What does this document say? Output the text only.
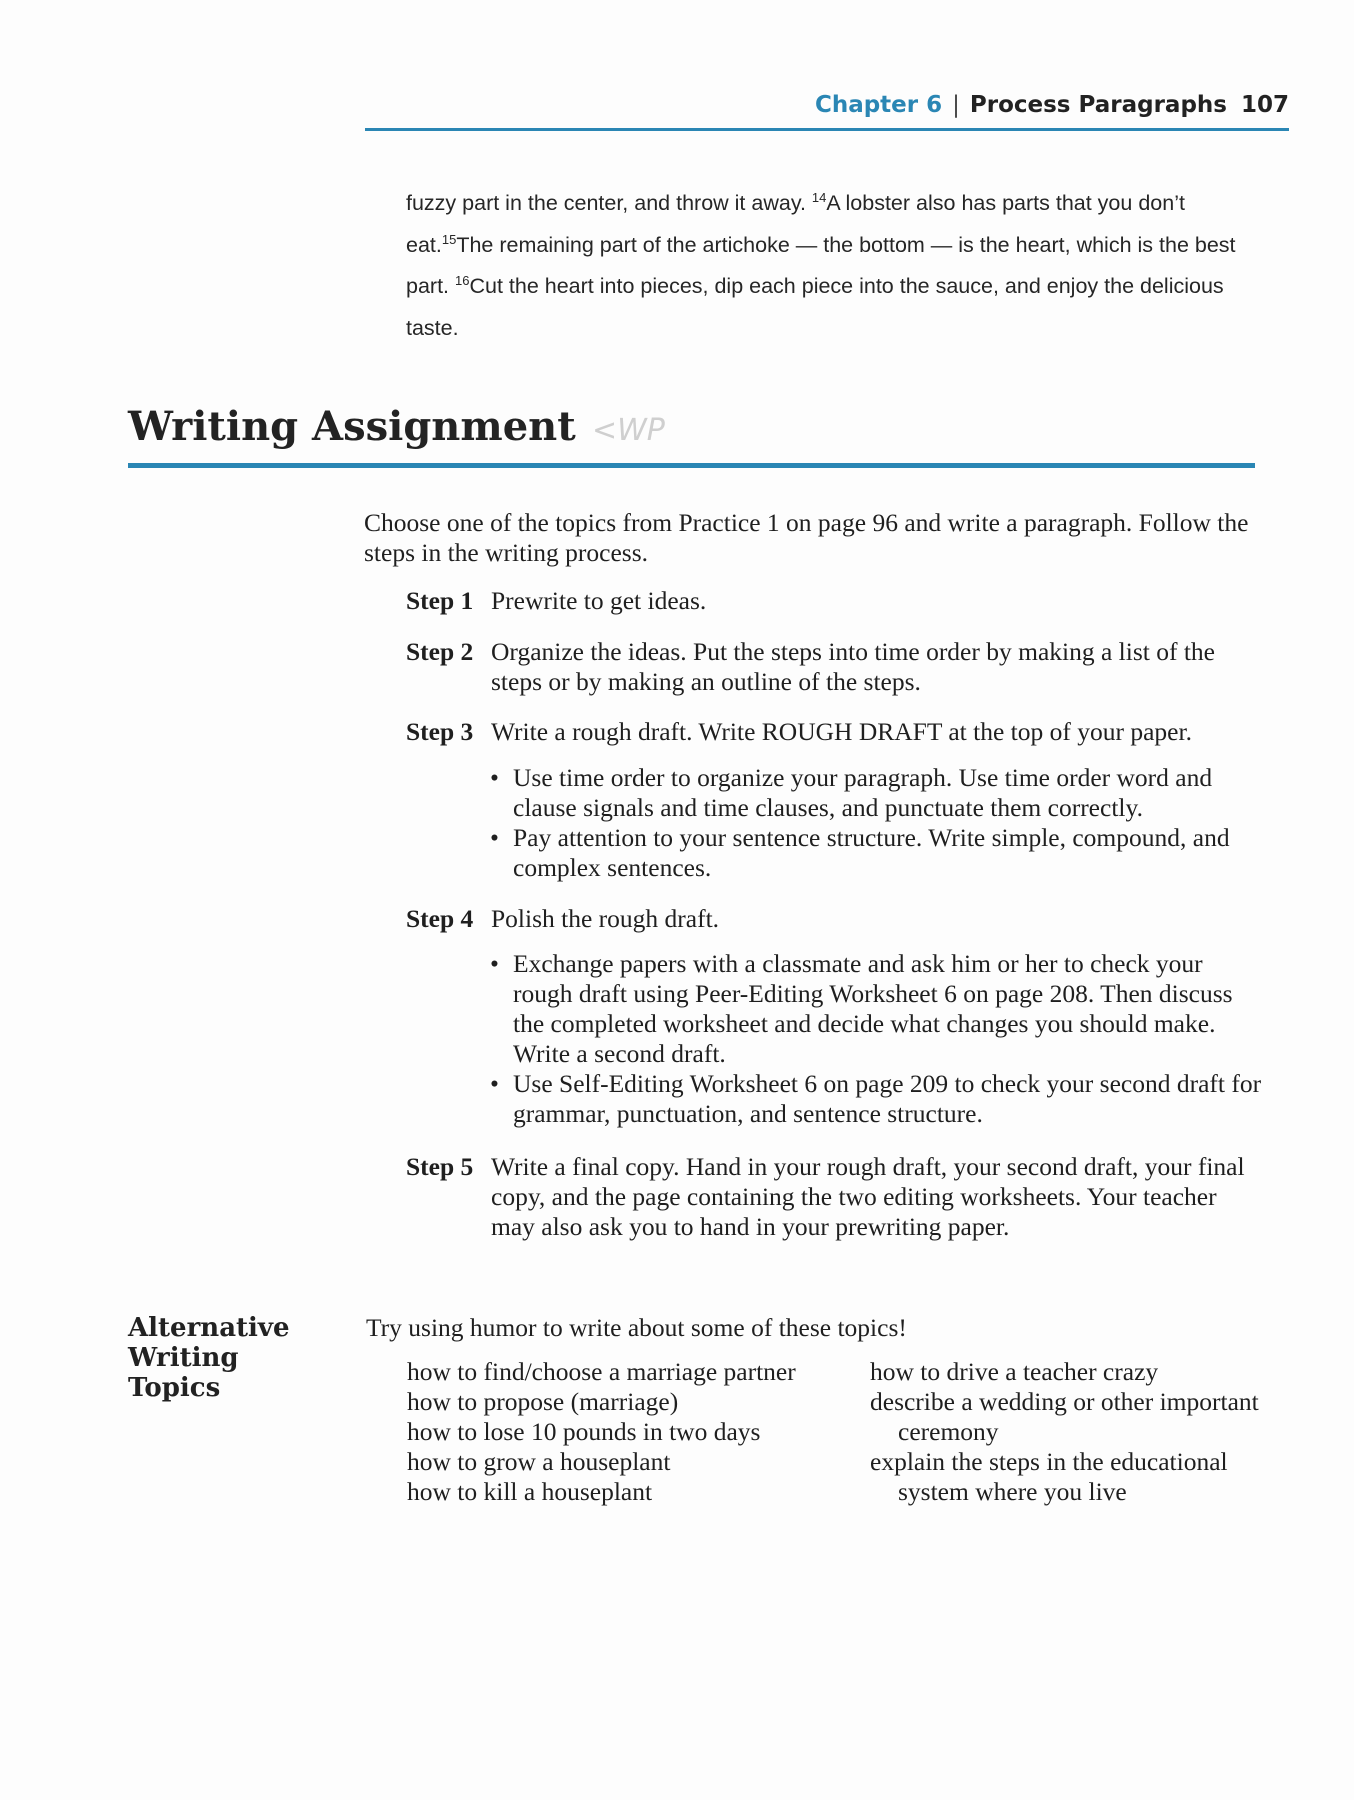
Chapter 6 | Process Paragraphs 107
fuzzy part in the center, and throw it away. $^{14}$A lobster also has parts that you don’t eat.$^{15}$The remaining part of the artichoke — the bottom — is the heart, which is the best part. $^{16}$Cut the heart into pieces, dip each piece into the sauce, and enjoy the delicious taste.
Writing Assignment <WP
Choose one of the topics from Practice 1 on page 96 and write a paragraph. Follow the steps in the writing process.
Step 1 Prewrite to get ideas.
Step 2 Organize the ideas. Put the steps into time order by making a list of the steps or by making an outline of the steps.
Step 3 Write a rough draft. Write ROUGH DRAFT at the top of your paper.
• Use time order to organize your paragraph. Use time order word and clause signals and time clauses, and punctuate them correctly.
• Pay attention to your sentence structure. Write simple, compound, and complex sentences.
Step 4 Polish the rough draft.
• Exchange papers with a classmate and ask him or her to check your rough draft using Peer-Editing Worksheet 6 on page 208. Then discuss the completed worksheet and decide what changes you should make. Write a second draft.
• Use Self-Editing Worksheet 6 on page 209 to check your second draft for grammar, punctuation, and sentence structure.
Step 5 Write a final copy. Hand in your rough draft, your second draft, your final copy, and the page containing the two editing worksheets. Your teacher may also ask you to hand in your prewriting paper.
Alternative
Writing
Topics
Try using humor to write about some of these topics!
how to find/choose a marriage partner
how to propose (marriage)
how to lose 10 pounds in two days
how to grow a houseplant
how to kill a houseplant
how to drive a teacher crazy
describe a wedding or other important ceremony
explain the steps in the educational system where you live
